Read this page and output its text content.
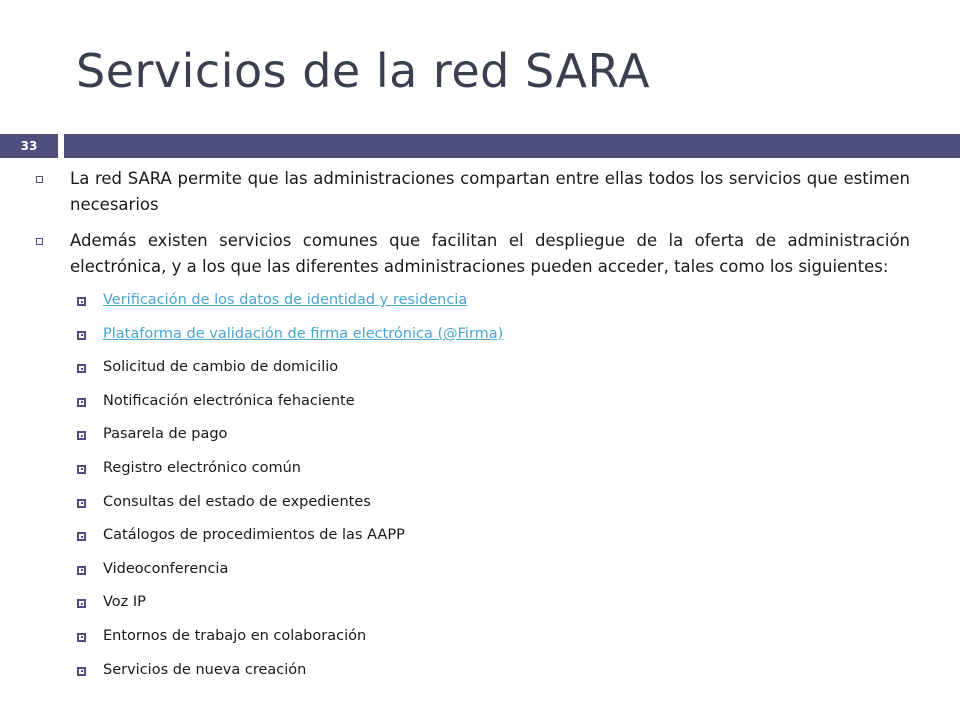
Servicios de la red SARA
33
La red SARA permite que las administraciones compartan entre ellas todos los servicios que estimen necesarios
Además existen servicios comunes que facilitan el despliegue de la oferta de administración electrónica, y a los que las diferentes administraciones pueden acceder, tales como los siguientes:
Verificación de los datos de identidad y residencia
Plataforma de validación de firma electrónica (@Firma)
Solicitud de cambio de domicilio
Notificación electrónica fehaciente
Pasarela de pago
Registro electrónico común
Consultas del estado de expedientes
Catálogos de procedimientos de las AAPP
Videoconferencia
Voz IP
Entornos de trabajo en colaboración
Servicios de nueva creación
